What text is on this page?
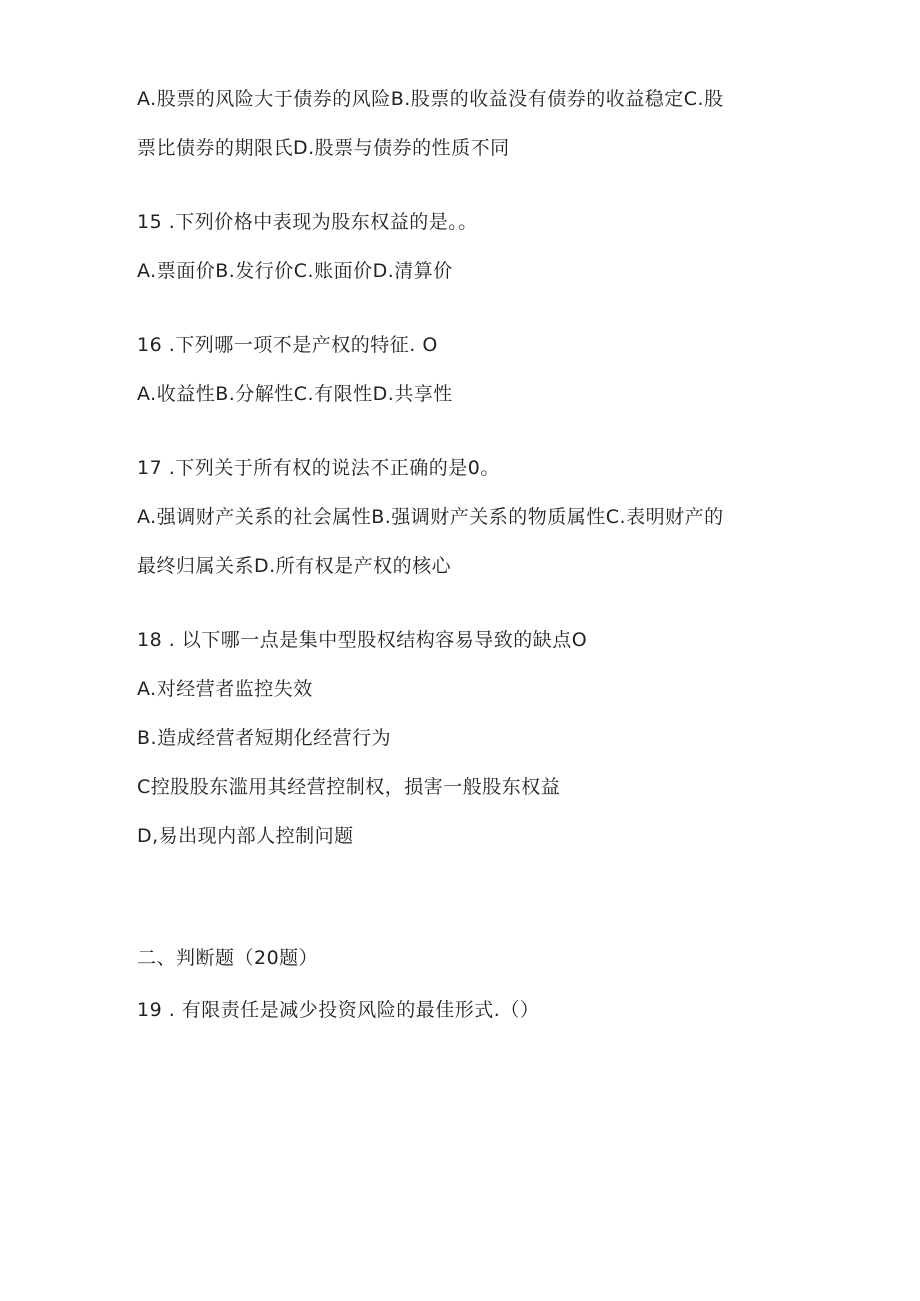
A.股票的风险大于债券的风险B.股票的收益没有债券的收益稳定C.股
票比债券的期限氏D.股票与债券的性质不同
15 .下列价格中表现为股东权益的是。。
A.票面价B.发行价C.账面价D.清算价
16 .下列哪一项不是产权的特征. O
A.收益性B.分解性C.有限性D.共享性
17 .下列关于所有权的说法不正确的是0。
A.强调财产关系的社会属性B.强调财产关系的物质属性C.表明财产的
最终归属关系D.所有权是产权的核心
18 . 以下哪一点是集中型股权结构容易导致的缺点O
A.对经营者监控失效
B.造成经营者短期化经营行为
C控股股东滥用其经营控制权，损害一般股东权益
D,易出现内部人控制问题
二、判断题（20题）
19 . 有限责任是减少投资风险的最佳形式.（）
